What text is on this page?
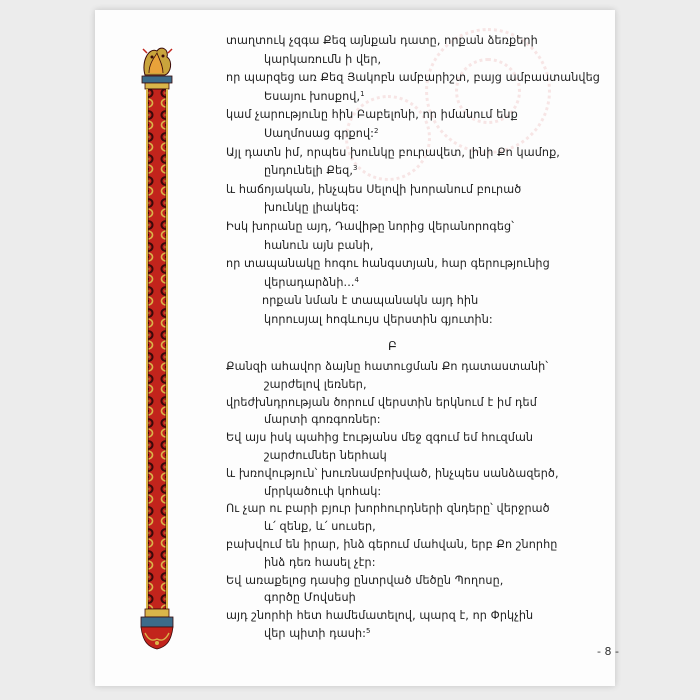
տաղտուկ չզգա Քեզ այնքան դատը, որքան ձեռքերի
կարկառումն ի վեր,
որ պարզեց առ Քեզ Յակոբն ամբարիշտ, բայց ամբաստանվեց
Եսայու խոսքով,$^1$
կամ չարությունը հին Բաբելոնի, որ իմանում ենք
Սաղմոսաց գրքով:$^2$
Այլ դատն իմ, որպես խունկը բուրավետ, լինի Քո կամոք,
ընդունելի Քեզ,$^3$
և հաճոյական, ինչպես Սելովի խորանում բուրած
խունկը լիակեզ:
Իսկ խորանը այդ, Դավիթը նորից վերանորոգեց՝
հանուն այն բանի,
որ տապանակը հոգու հանգստյան, հար գերությունից
վերադարձնի...$^4$
որքան նման է տապանակն այդ հին
կորուսյալ հոգևույս վերստին գյուտին:
Բ
Քանզի ահավոր ձայնը հատուցման Քո դատաստանի՝
շարժելով լեռներ,
վրեժխնդրության ծորում վերստին երկնում է իմ դեմ
մարտի գոռգոռներ:
Եվ այս իսկ պահից էությանս մեջ զգում եմ հուզման
շարժումներ ներհակ
և խռովություն՝ խուռնամբոխված, ինչպես սանձազերծ,
մրրկածուփ կոհակ:
Ու չար ու բարի բյուր խորհուրդների զնդերը՝ վերջրած
և՛ զենք, և՛ սուսեր,
բախվում են իրար, ինձ գերում մահվան, երբ Քո շնորհը
ինձ դեռ հասել չէր:
Եվ առաքելոց դասից ընտրված մեծըն Պողոսը,
գործը Մովսեսի
այդ շնորհի հետ համեմատելով, պարզ է, որ Փրկչին
վեր պիտի դասի:$^5$
- 8 -
